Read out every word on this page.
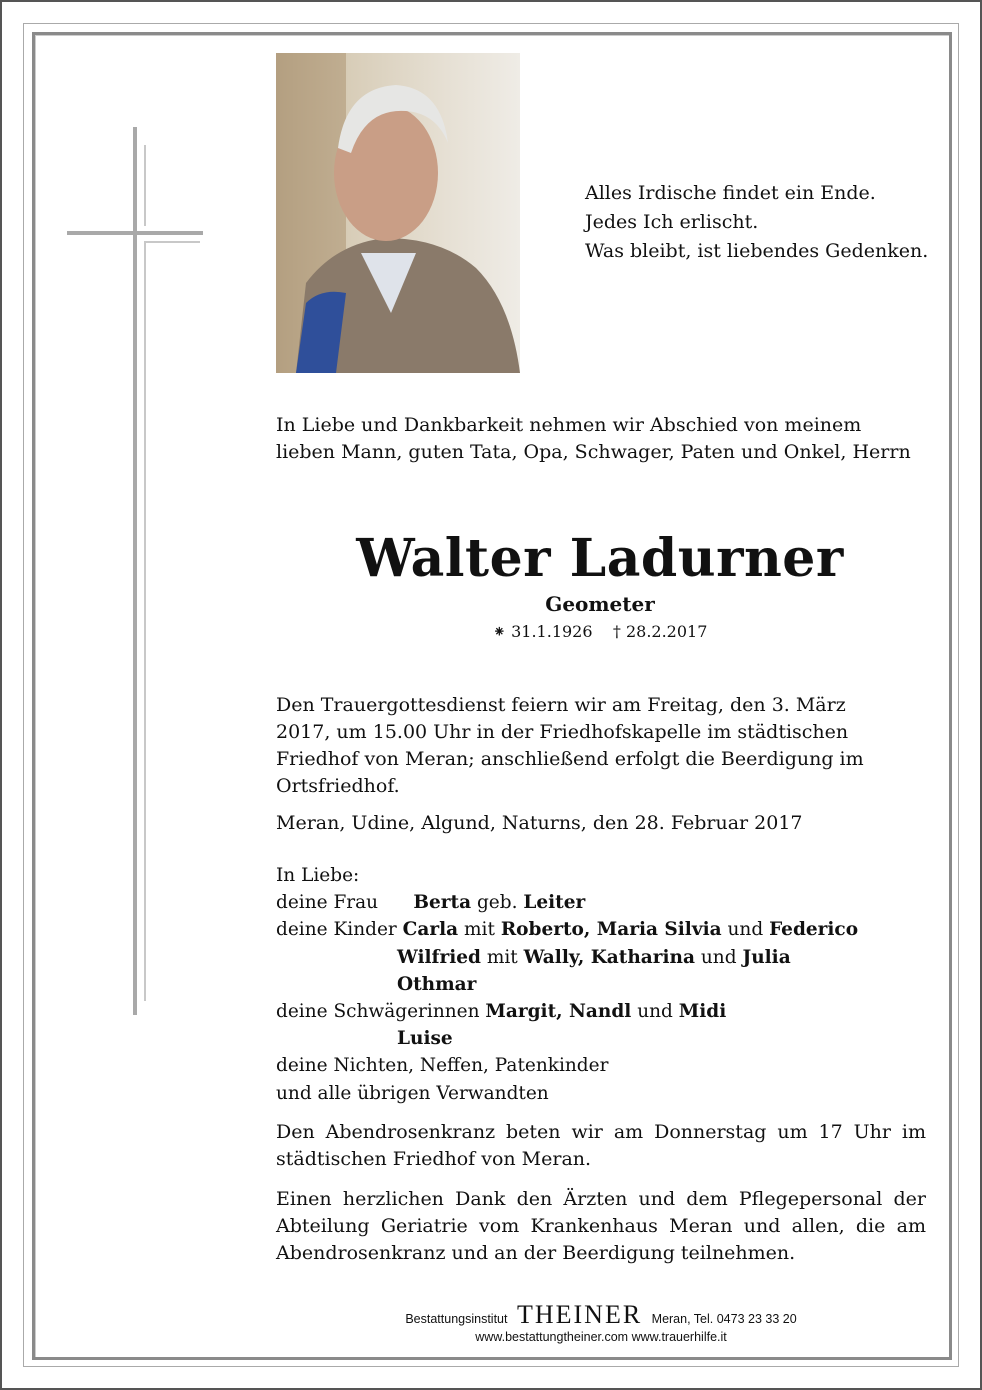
Alles Irdische findet ein Ende.
Jedes Ich erlischt.
Was bleibt, ist liebendes Gedenken.
In Liebe und Dankbarkeit nehmen wir Abschied von meinem lieben Mann, guten Tata, Opa, Schwager, Paten und Onkel, Herrn
Walter Ladurner
Geometer
⁕ 31.1.1926 † 28.2.2017
Den Trauergottesdienst feiern wir am Freitag, den 3. März 2017, um 15.00 Uhr in der Friedhofskapelle im städtischen Friedhof von Meran; anschließend erfolgt die Beerdigung im Ortsfriedhof.
Meran, Udine, Algund, Naturns, den 28. Februar 2017
In Liebe:
deine Frau Berta geb. Leiter
deine Kinder Carla mit Roberto, Maria Silvia und Federico
Wilfried mit Wally, Katharina und Julia
Othmar
deine Schwägerinnen Margit, Nandl und Midi
Luise
deine Nichten, Neffen, Patenkinder
und alle übrigen Verwandten
Den Abendrosenkranz beten wir am Donnerstag um 17 Uhr im städtischen Friedhof von Meran.
Einen herzlichen Dank den Ärzten und dem Pflegepersonal der Abteilung Geriatrie vom Krankenhaus Meran und allen, die am Abendrosenkranz und an der Beerdigung teilnehmen.
Bestattungsinstitut THEINER Meran, Tel. 0473 23 33 20
www.bestattungtheiner.com www.trauerhilfe.it
